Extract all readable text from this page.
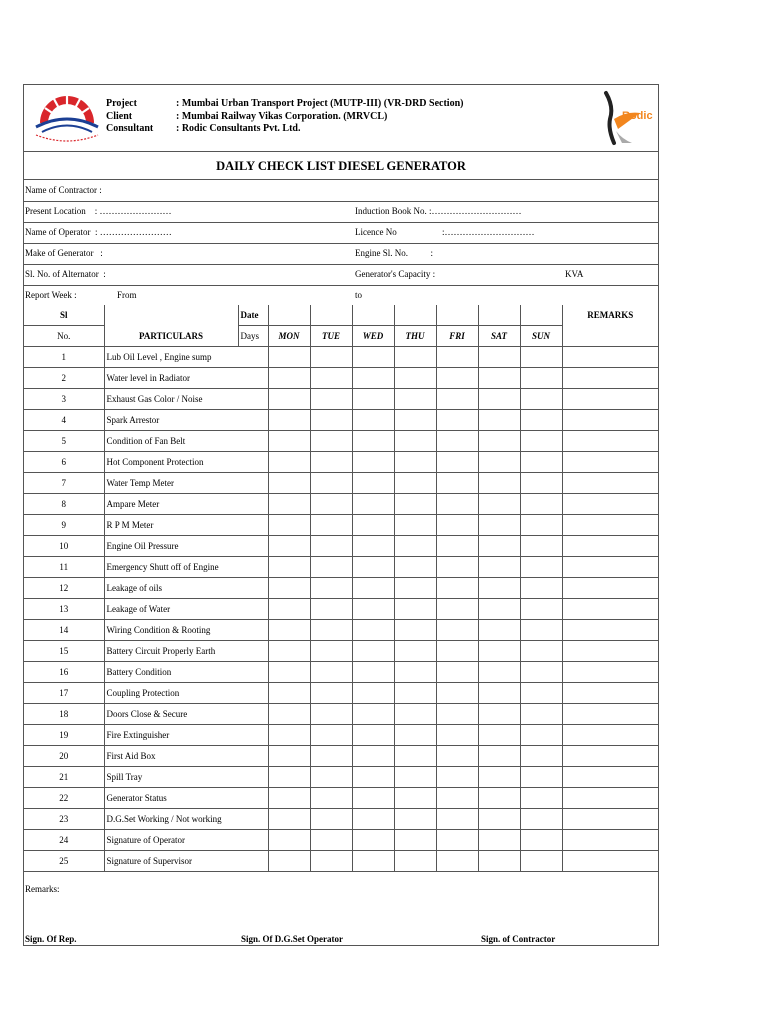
Project	: Mumbai Urban Transport Project (MUTP-III) (VR-DRD Section)
Client	: Mumbai Railway Vikas Corporation. (MRVCL)
Consultant	: Rodic Consultants Pvt. Ltd.
Rodic
DAILY CHECK LIST DIESEL GENERATOR
Name of Contractor :
Present Location    : ……………………	Induction Book No. :…………………………
Name of Operator  : ……………………	Licence No	:…………………………
Make of Generator   :	Engine Sl. No.          :
Sl. No. of Alternator  :	Generator's Capacity :	KVA
Report Week :	From	to
Sl		Date								REMARKS
No.	PARTICULARS	Days	MON	TUE	WED	THU	FRI	SAT	SUN	
1	Lub Oil Level , Engine sump									
2	Water level in Radiator									
3	Exhaust Gas Color / Noise									
4	Spark Arrestor									
5	Condition of Fan Belt									
6	Hot Component Protection									
7	Water Temp Meter									
8	Ampare Meter									
9	R P M Meter									
10	Engine Oil Pressure									
11	Emergency Shutt off of Engine									
12	Leakage of oils									
13	Leakage of Water									
14	Wiring Condition & Rooting									
15	Battery Circuit Properly Earth									
16	Battery Condition									
17	Coupling Protection									
18	Doors Close & Secure									
19	Fire Extinguisher									
20	First Aid Box									
21	Spill Tray									
22	Generator Status									
23	D.G.Set Working / Not working									
24	Signature of Operator									
25	Signature of Supervisor									
Remarks:
Sign. Of Rep.	Sign. Of D.G.Set Operator	Sign. of Contractor
